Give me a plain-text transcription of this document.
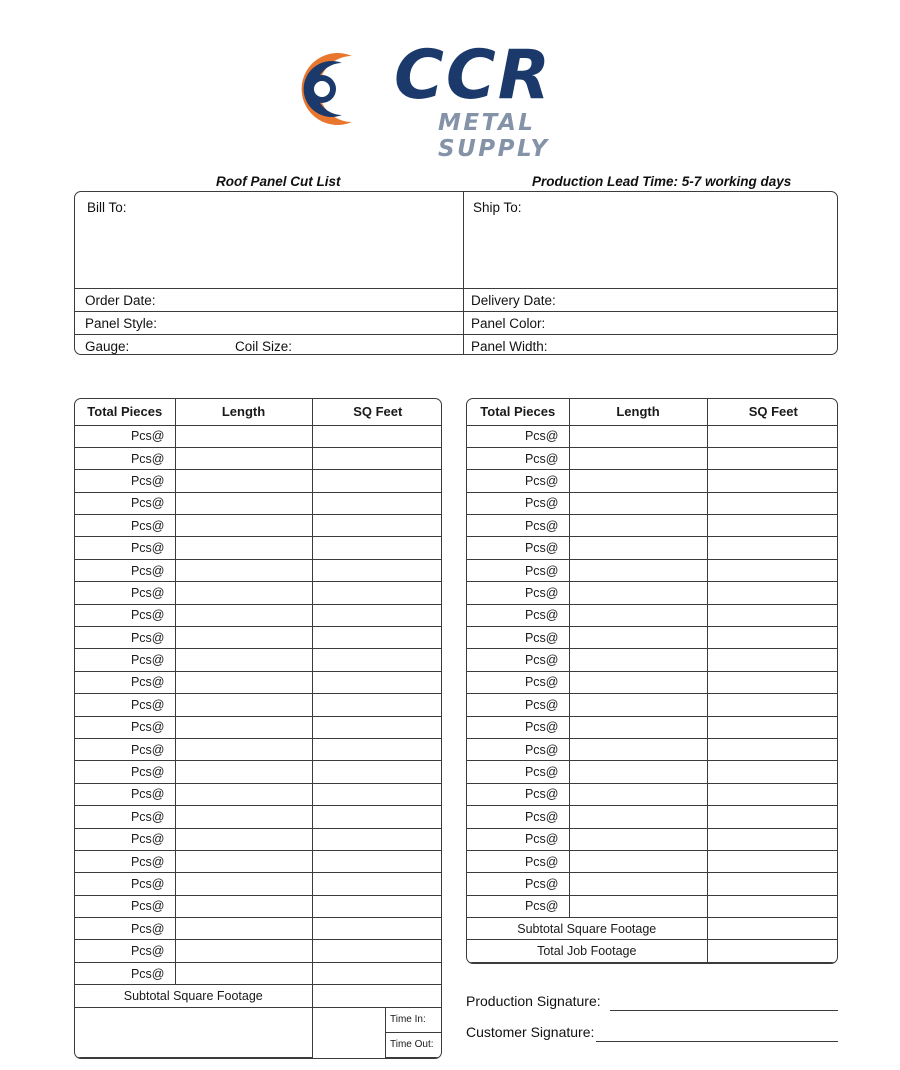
CCR
METAL SUPPLY
Roof Panel Cut List	Production Lead Time: 5-7 working days
Bill To:	Ship To:
Order Date:	Delivery Date:
Panel Style:	Panel Color:
Gauge:	Coil Size:	Panel Width:
Total Pieces	Length	SQ Feet
Pcs@		
Pcs@		
Pcs@		
Pcs@		
Pcs@		
Pcs@		
Pcs@		
Pcs@		
Pcs@		
Pcs@		
Pcs@		
Pcs@		
Pcs@		
Pcs@		
Pcs@		
Pcs@		
Pcs@		
Pcs@		
Pcs@		
Pcs@		
Pcs@		
Pcs@		
Pcs@		
Pcs@		
Pcs@		
Subtotal Square Footage		

Time In:
Time Out:
Total Pieces	Length	SQ Feet
Pcs@		
Pcs@		
Pcs@		
Pcs@		
Pcs@		
Pcs@		
Pcs@		
Pcs@		
Pcs@		
Pcs@		
Pcs@		
Pcs@		
Pcs@		
Pcs@		
Pcs@		
Pcs@		
Pcs@		
Pcs@		
Pcs@		
Pcs@		
Pcs@		
Pcs@		
Subtotal Square Footage		
Total Job Footage		
Production Signature:
Customer Signature:
